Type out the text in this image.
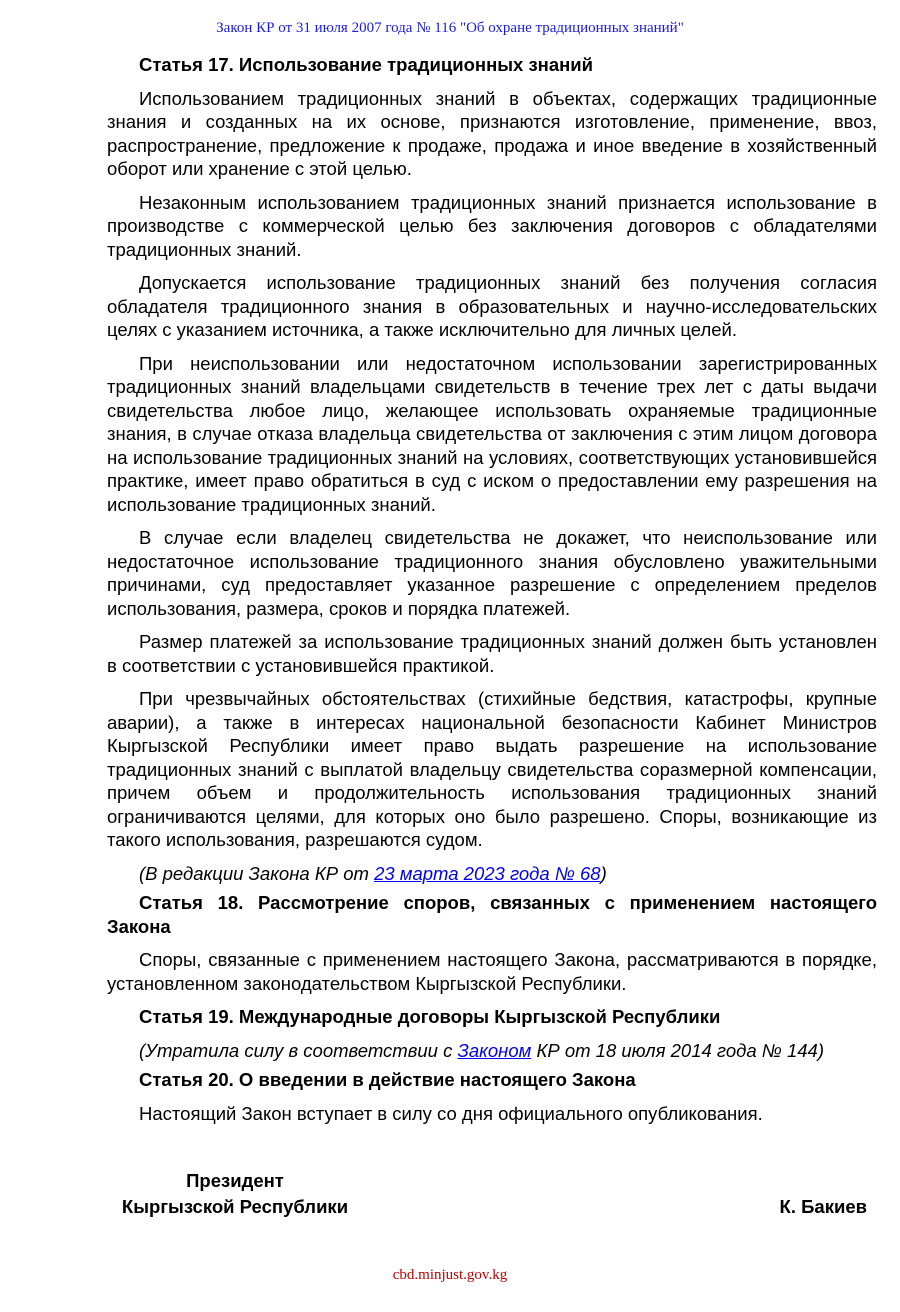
Закон КР от 31 июля 2007 года № 116 "Об охране традиционных знаний"

Статья 17. Использование традиционных знаний

Использованием традиционных знаний в объектах, содержащих традиционные знания и созданных на их основе, признаются изготовление, применение, ввоз, распространение, предложение к продаже, продажа и иное введение в хозяйственный оборот или хранение с этой целью.

Незаконным использованием традиционных знаний признается использование в производстве с коммерческой целью без заключения договоров с обладателями традиционных знаний.

Допускается использование традиционных знаний без получения согласия обладателя традиционного знания в образовательных и научно-исследовательских целях с указанием источника, а также исключительно для личных целей.

При неиспользовании или недостаточном использовании зарегистрированных традиционных знаний владельцами свидетельств в течение трех лет с даты выдачи свидетельства любое лицо, желающее использовать охраняемые традиционные знания, в случае отказа владельца свидетельства от заключения с этим лицом договора на использование традиционных знаний на условиях, соответствующих установившейся практике, имеет право обратиться в суд с иском о предоставлении ему разрешения на использование традиционных знаний.

В случае если владелец свидетельства не докажет, что неиспользование или недостаточное использование традиционного знания обусловлено уважительными причинами, суд предоставляет указанное разрешение с определением пределов использования, размера, сроков и порядка платежей.

Размер платежей за использование традиционных знаний должен быть установлен в соответствии с установившейся практикой.

При чрезвычайных обстоятельствах (стихийные бедствия, катастрофы, крупные аварии), а также в интересах национальной безопасности Кабинет Министров Кыргызской Республики имеет право выдать разрешение на использование традиционных знаний с выплатой владельцу свидетельства соразмерной компенсации, причем объем и продолжительность использования традиционных знаний ограничиваются целями, для которых оно было разрешено. Споры, возникающие из такого использования, разрешаются судом.

(В редакции Закона КР от 23 марта 2023 года № 68)

Статья 18. Рассмотрение споров, связанных с применением настоящего Закона

Споры, связанные с применением настоящего Закона, рассматриваются в порядке, установленном законодательством Кыргызской Республики.

Статья 19. Международные договоры Кыргызской Республики

(Утратила силу в соответствии с Законом КР от 18 июля 2014 года № 144)

Статья 20. О введении в действие настоящего Закона

Настоящий Закон вступает в силу со дня официального опубликования.

Президент
Кыргызской Республики	К. Бакиев
cbd.minjust.gov.kg
